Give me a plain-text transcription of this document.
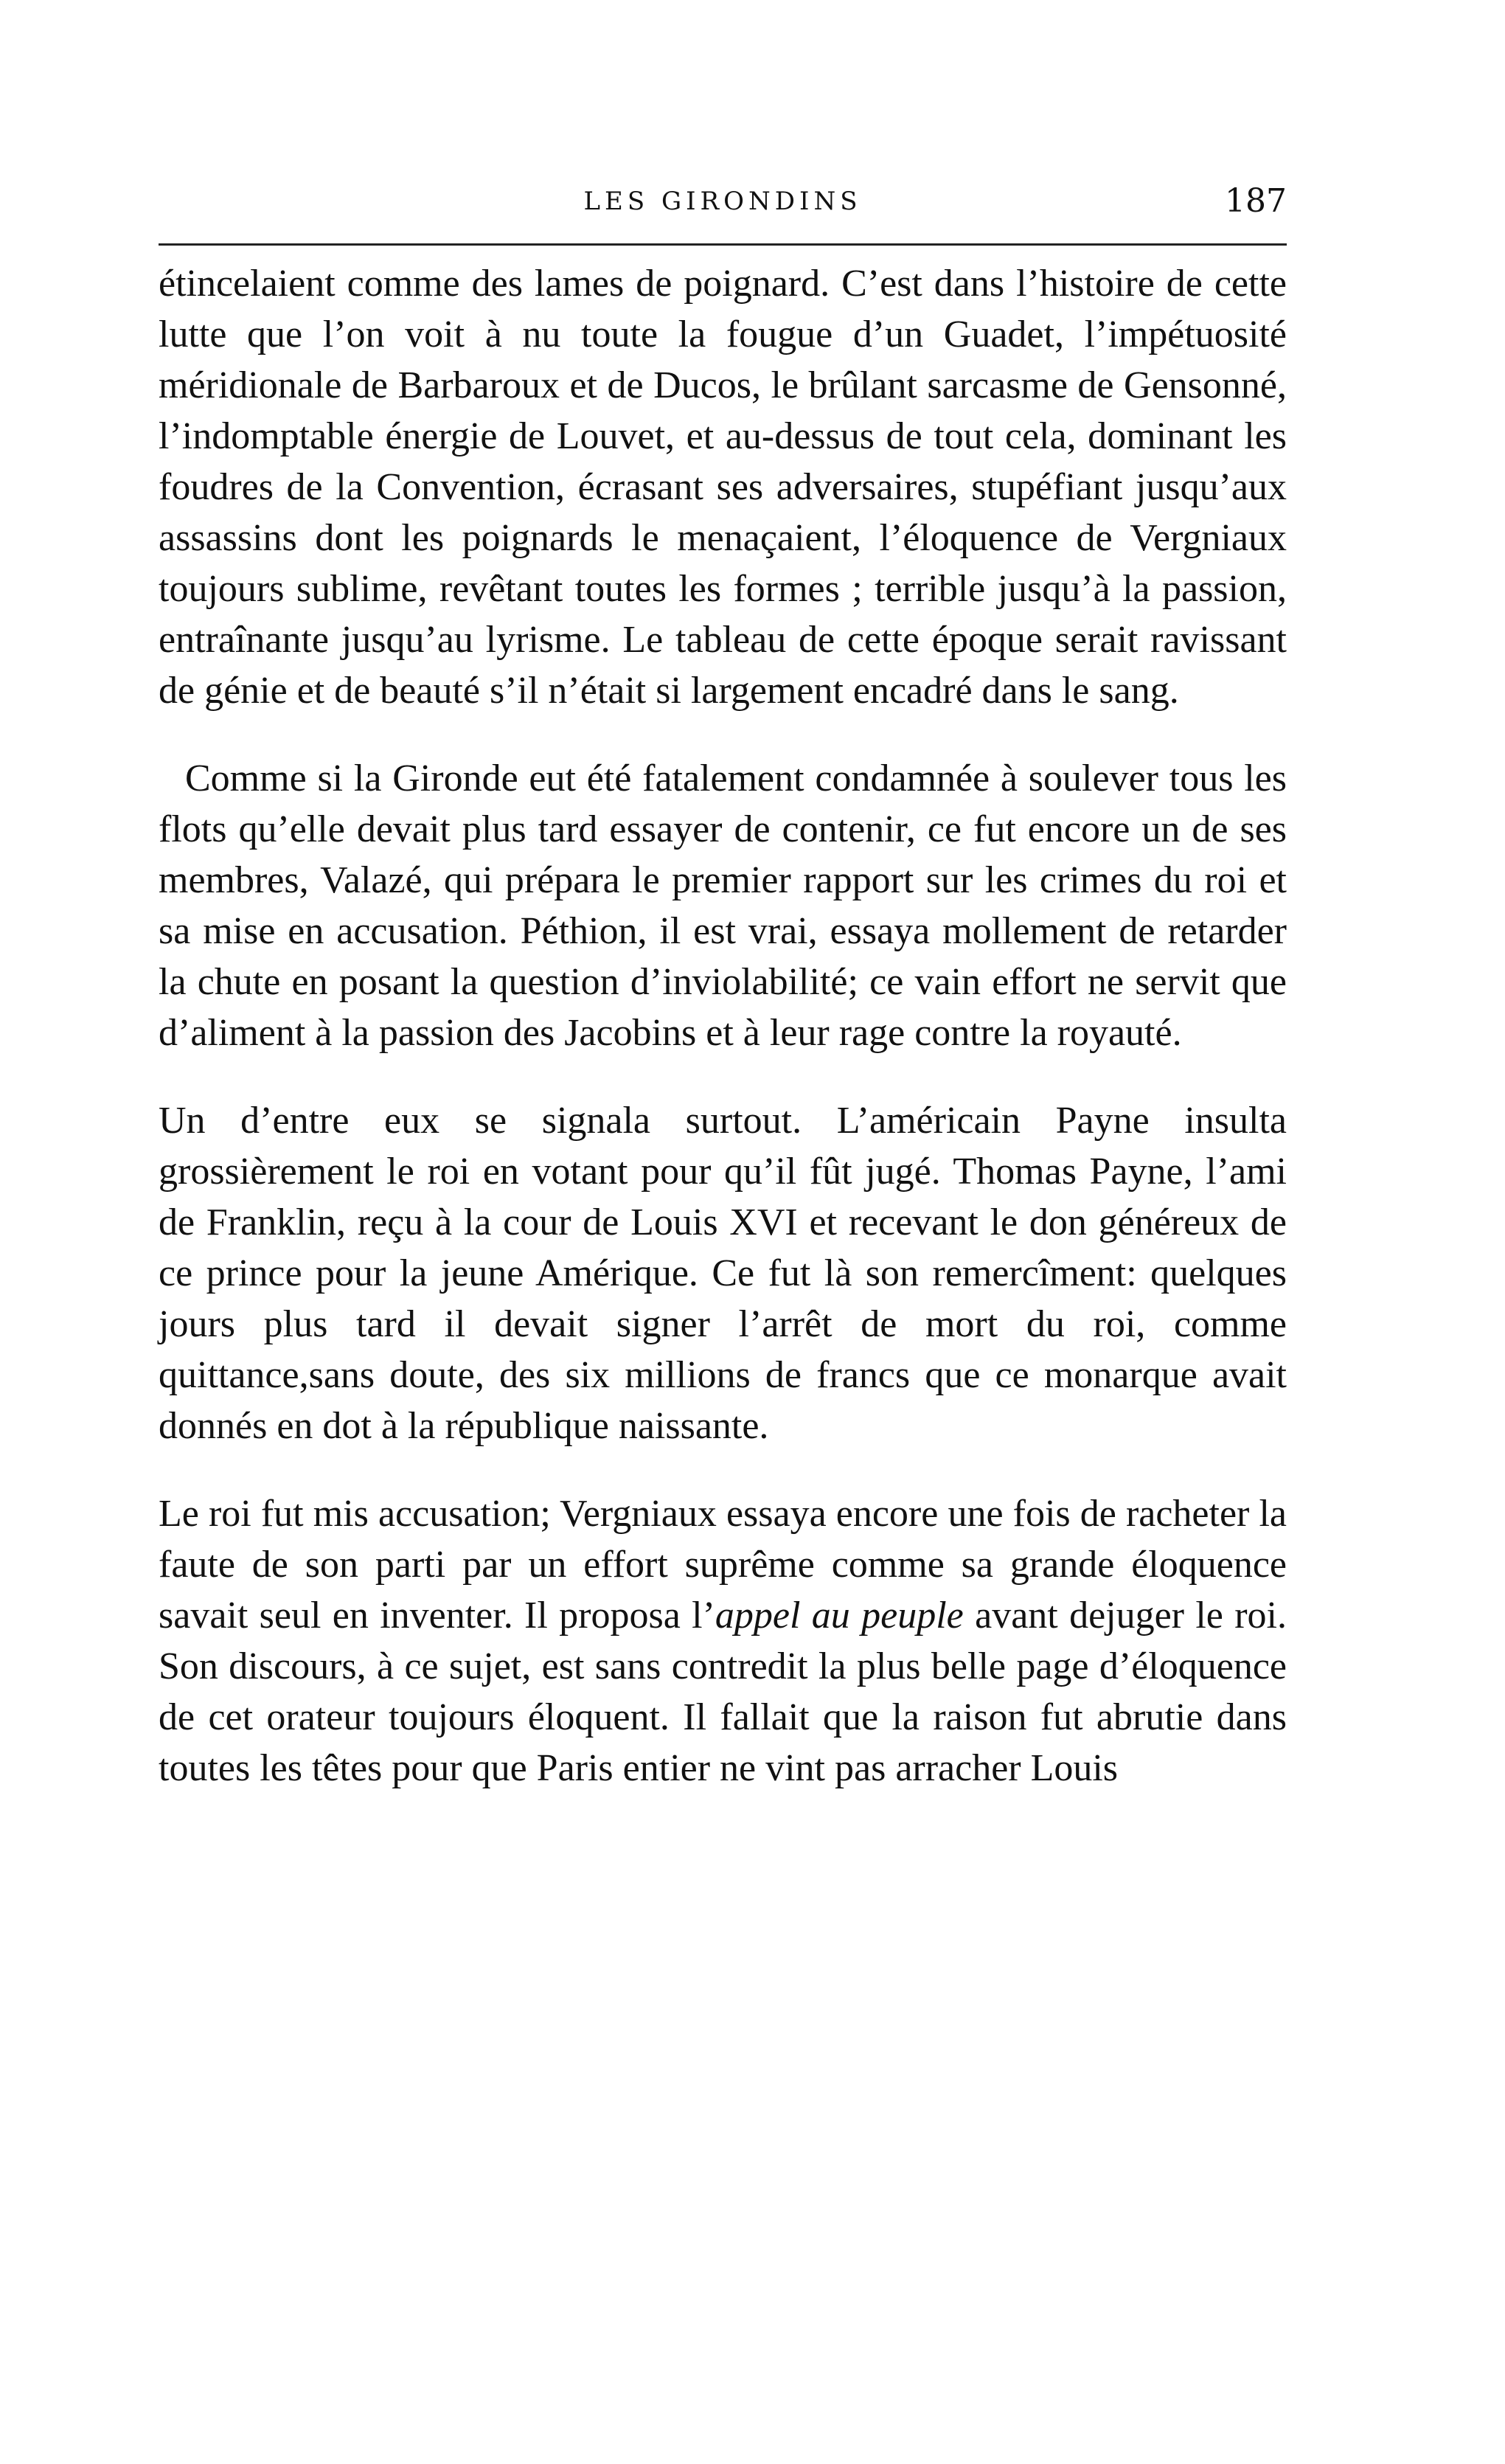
LES GIRONDINS	187

étincelaient comme des lames de poignard. C’est dans l’histoire de cette lutte que l’on voit à nu toute la fougue d’un Guadet, l’impétuosité méridionale de Barbaroux et de Ducos, le brûlant sarcasme de Gensonné, l’indomptable énergie de Louvet, et au-dessus de tout cela, dominant les foudres de la Convention, écrasant ses adversaires, stupéfiant jusqu’aux assassins dont les poignards le menaçaient, l’éloquence de Vergniaux toujours sublime, revêtant toutes les formes ; terrible jusqu’à la passion, entraînante jusqu’au lyrisme. Le tableau de cette époque serait ravissant de génie et de beauté s’il n’était si largement encadré dans le sang.

Comme si la Gironde eut été fatalement condamnée à soulever tous les flots qu’elle devait plus tard essayer de contenir, ce fut encore un de ses membres, Valazé, qui prépara le premier rapport sur les crimes du roi et sa mise en accusation. Péthion, il est vrai, essaya mollement de retarder la chute en posant la question d’inviolabilité; ce vain effort ne servit que d’aliment à la passion des Jacobins et à leur rage contre la royauté.

Un d’entre eux se signala surtout. L’américain Payne insulta grossièrement le roi en votant pour qu’il fût jugé. Thomas Payne, l’ami de Franklin, reçu à la cour de Louis XVI et recevant le don généreux de ce prince pour la jeune Amérique. Ce fut là son remercîment: quelques jours plus tard il devait signer l’arrêt de mort du roi, comme quittance,sans doute, des six millions de francs que ce monarque avait donnés en dot à la république naissante.

Le roi fut mis accusation; Vergniaux essaya encore une fois de racheter la faute de son parti par un effort suprême comme sa grande éloquence savait seul en inventer. Il proposa l’appel au peuple avant dejuger le roi. Son discours, à ce sujet, est sans contredit la plus belle page d’éloquence de cet orateur toujours éloquent. Il fallait que la raison fut abrutie dans toutes les têtes pour que Paris entier ne vint pas arracher Louis
